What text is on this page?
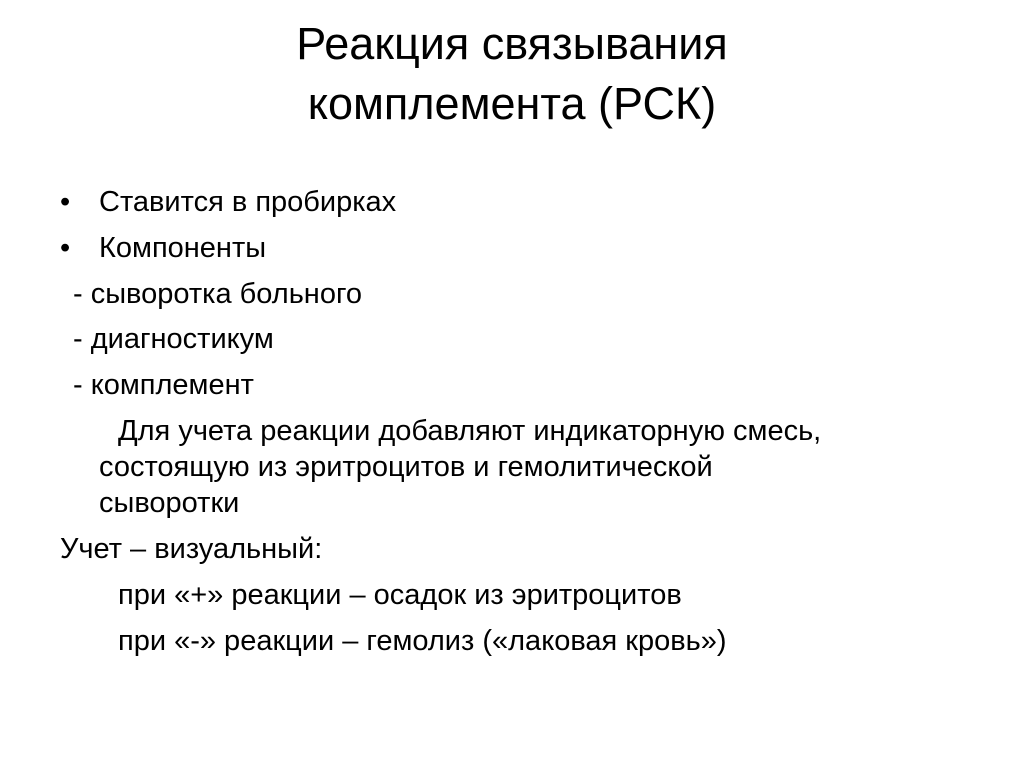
Реакция связывания
комплемента (РСК)
• Ставится в пробирках
• Компоненты
- сыворотка больного
- диагностикум
- комплемент
Для учета реакции добавляют индикаторную смесь,
состоящую из эритроцитов и гемолитической
сыворотки
Учет – визуальный:
при «+» реакции – осадок из эритроцитов
при «-» реакции – гемолиз («лаковая кровь»)
